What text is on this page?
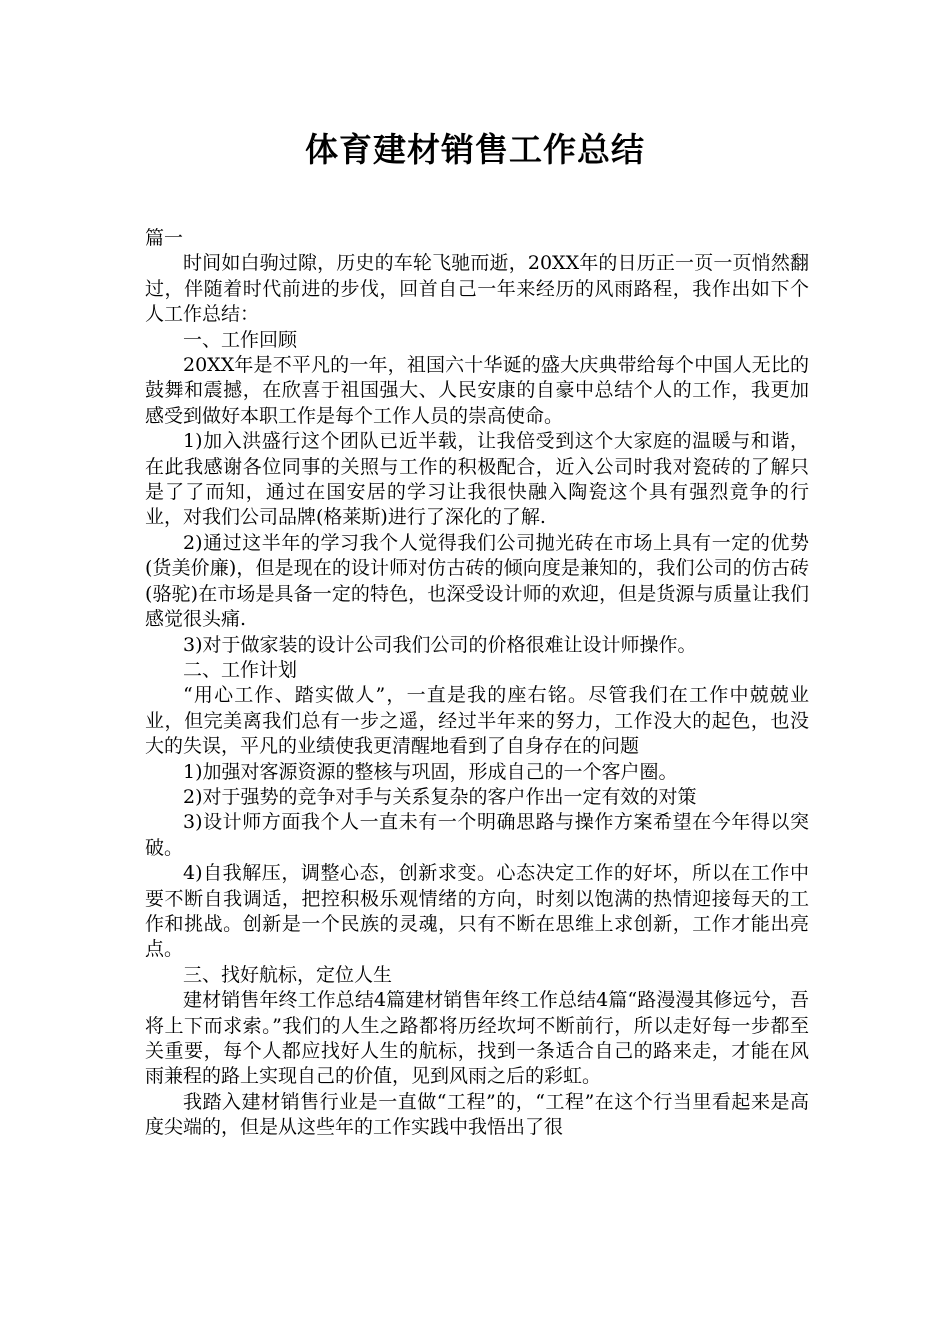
体育建材销售工作总结

篇一

时间如白驹过隙，历史的车轮飞驰而逝，20XX年的日历正一页一页悄然翻过，伴随着时代前进的步伐，回首自己一年来经历的风雨路程，我作出如下个人工作总结：

一、工作回顾

20XX年是不平凡的一年，祖国六十华诞的盛大庆典带给每个中国人无比的鼓舞和震撼，在欣喜于祖国强大、人民安康的自豪中总结个人的工作，我更加感受到做好本职工作是每个工作人员的崇高使命。

1)加入洪盛行这个团队已近半载，让我倍受到这个大家庭的温暖与和谐，在此我感谢各位同事的关照与工作的积极配合，近入公司时我对瓷砖的了解只是了了而知，通过在国安居的学习让我很快融入陶瓷这个具有强烈竟争的行业，对我们公司品牌(格莱斯)进行了深化的了解.

2)通过这半年的学习我个人觉得我们公司抛光砖在市场上具有一定的优势(货美价廉)，但是现在的设计师对仿古砖的倾向度是兼知的，我们公司的仿古砖(骆驼)在市场是具备一定的特色，也深受设计师的欢迎，但是货源与质量让我们感觉很头痛.

3)对于做家装的设计公司我们公司的价格很难让设计师操作。

二、工作计划

“用心工作、踏实做人”，一直是我的座右铭。尽管我们在工作中兢兢业业，但完美离我们总有一步之遥，经过半年来的努力，工作没大的起色，也没大的失误，平凡的业绩使我更清醒地看到了自身存在的问题

1)加强对客源资源的整核与巩固，形成自己的一个客户圈。

2)对于强势的竞争对手与关系复杂的客户作出一定有效的对策

3)设计师方面我个人一直未有一个明确思路与操作方案希望在今年得以突破。

4)自我解压，调整心态，创新求变。心态决定工作的好坏，所以在工作中要不断自我调适，把控积极乐观情绪的方向，时刻以饱满的热情迎接每天的工作和挑战。创新是一个民族的灵魂，只有不断在思维上求创新，工作才能出亮点。

三、找好航标，定位人生

建材销售年终工作总结4篇建材销售年终工作总结4篇“路漫漫其修远兮，吾将上下而求索。”我们的人生之路都将历经坎坷不断前行，所以走好每一步都至关重要，每个人都应找好人生的航标，找到一条适合自己的路来走，才能在风雨兼程的路上实现自己的价值，见到风雨之后的彩虹。

我踏入建材销售行业是一直做“工程”的，“工程”在这个行当里看起来是高度尖端的，但是从这些年的工作实践中我悟出了很
